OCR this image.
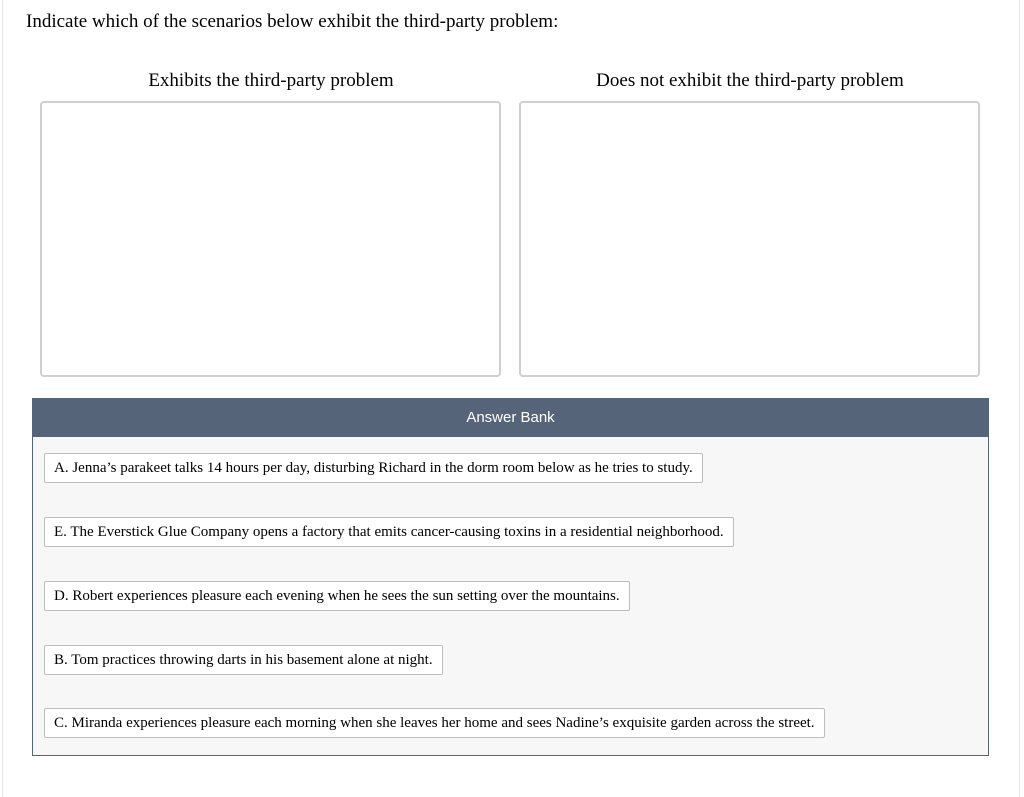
Indicate which of the scenarios below exhibit the third-party problem:
Exhibits the third-party problem	Does not exhibit the third-party problem
Answer Bank
A. Jenna’s parakeet talks 14 hours per day, disturbing Richard in the dorm room below as he tries to study.
E. The Everstick Glue Company opens a factory that emits cancer-causing toxins in a residential neighborhood.
D. Robert experiences pleasure each evening when he sees the sun setting over the mountains.
B. Tom practices throwing darts in his basement alone at night.
C. Miranda experiences pleasure each morning when she leaves her home and sees Nadine’s exquisite garden across the street.
